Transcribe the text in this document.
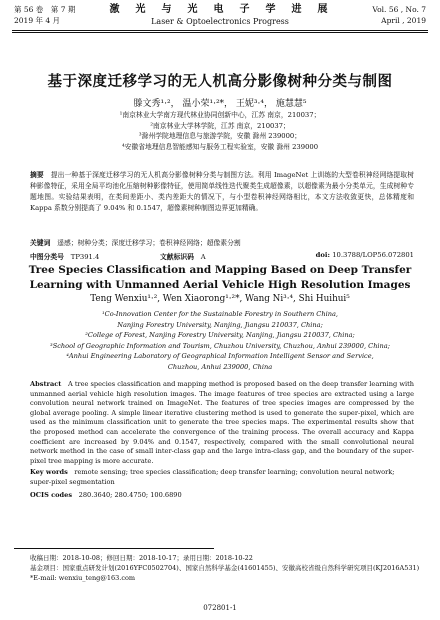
第 56 卷　第 7 期
2019 年 4 月
激　光　与　光　电　子　学　进　展
Laser & Optoelectronics Progress
Vol. 56 , No. 7
April , 2019
基于深度迁移学习的无人机高分影像树种分类与制图
滕文秀¹·²， 温小荣¹·²*， 王妮³·⁴， 施慧慧⁵
¹南京林业大学南方现代林业协同创新中心，江苏 南京，210037；
²南京林业大学林学院，江苏 南京，210037；
³滁州学院地理信息与旅游学院，安徽 滁州 239000；
⁴安徽省地理信息智能感知与服务工程实验室，安徽 滁州 239000
摘要　 提出一种基于深度迁移学习的无人机高分影像树种分类与制图方法。利用 ImageNet 上训练的大型卷积神经网络提取树种影像特征，采用全局平均池化压缩树种影像特征，使用简单线性迭代聚类生成超像素，以超像素为最小分类单元，生成树种专题地图。实验结果表明，在类间差距小、类内差距大的情况下，与小型卷积神经网络相比，本文方法收敛更快，总体精度和 Kappa 系数分别提高了 9.04% 和 0.1547，超像素树种制图边界更加精确。
关键词　 遥感；树种分类；深度迁移学习；卷积神经网络；超像素分割
中图分类号　 TP391.4	文献标识码　 A	doi: 10.3788/LOP56.072801
Tree Species Classification and Mapping Based on Deep Transfer
Learning with Unmanned Aerial Vehicle High Resolution Images
Teng Wenxiu¹·², Wen Xiaorong¹·²*, Wang Ni³·⁴, Shi Huihui⁵
¹Co-Innovation Center for the Sustainable Forestry in Southern China,
Nanjing Forestry University, Nanjing, Jiangsu 210037, China;
²College of Forest, Nanjing Forestry University, Nanjing, Jiangsu 210037, China;
³School of Geographic Information and Tourism, Chuzhou University, Chuzhou, Anhui 239000, China;
⁴Anhui Engineering Laboratory of Geographical Information Intelligent Sensor and Service,
Chuzhou, Anhui 239000, China
Abstract　 A tree species classification and mapping method is proposed based on the deep transfer learning with unmanned aerial vehicle high resolution images. The image features of tree species are extracted using a large convolution neural network trained on ImageNet. The features of tree species images are compressed by the global average pooling. A simple linear iterative clustering method is used to generate the super-pixel, which are used as the minimum classification unit to generate the tree species maps. The experimental results show that the proposed method can accelerate the convergence of the training process. The overall accuracy and Kappa coefficient are increased by 9.04% and 0.1547, respectively, compared with the small convolutional neural network method in the case of small inter-class gap and the large intra-class gap, and the boundary of the super-pixel tree mapping is more accurate.
Key words　 remote sensing; tree species classification; deep transfer learning; convolution neural network; super-pixel segmentation
OCIS codes　 280.3640; 280.4750; 100.6890
收稿日期：2018-10-08；修回日期：2018-10-17；录用日期：2018-10-22
基金项目：国家重点研发计划(2016YFC0502704)、国家自然科学基金(41601455)、安徽高校省级自然科学研究项目(KJ2016A531)
*E-mail: wenxiu_teng@163.com
072801-1
